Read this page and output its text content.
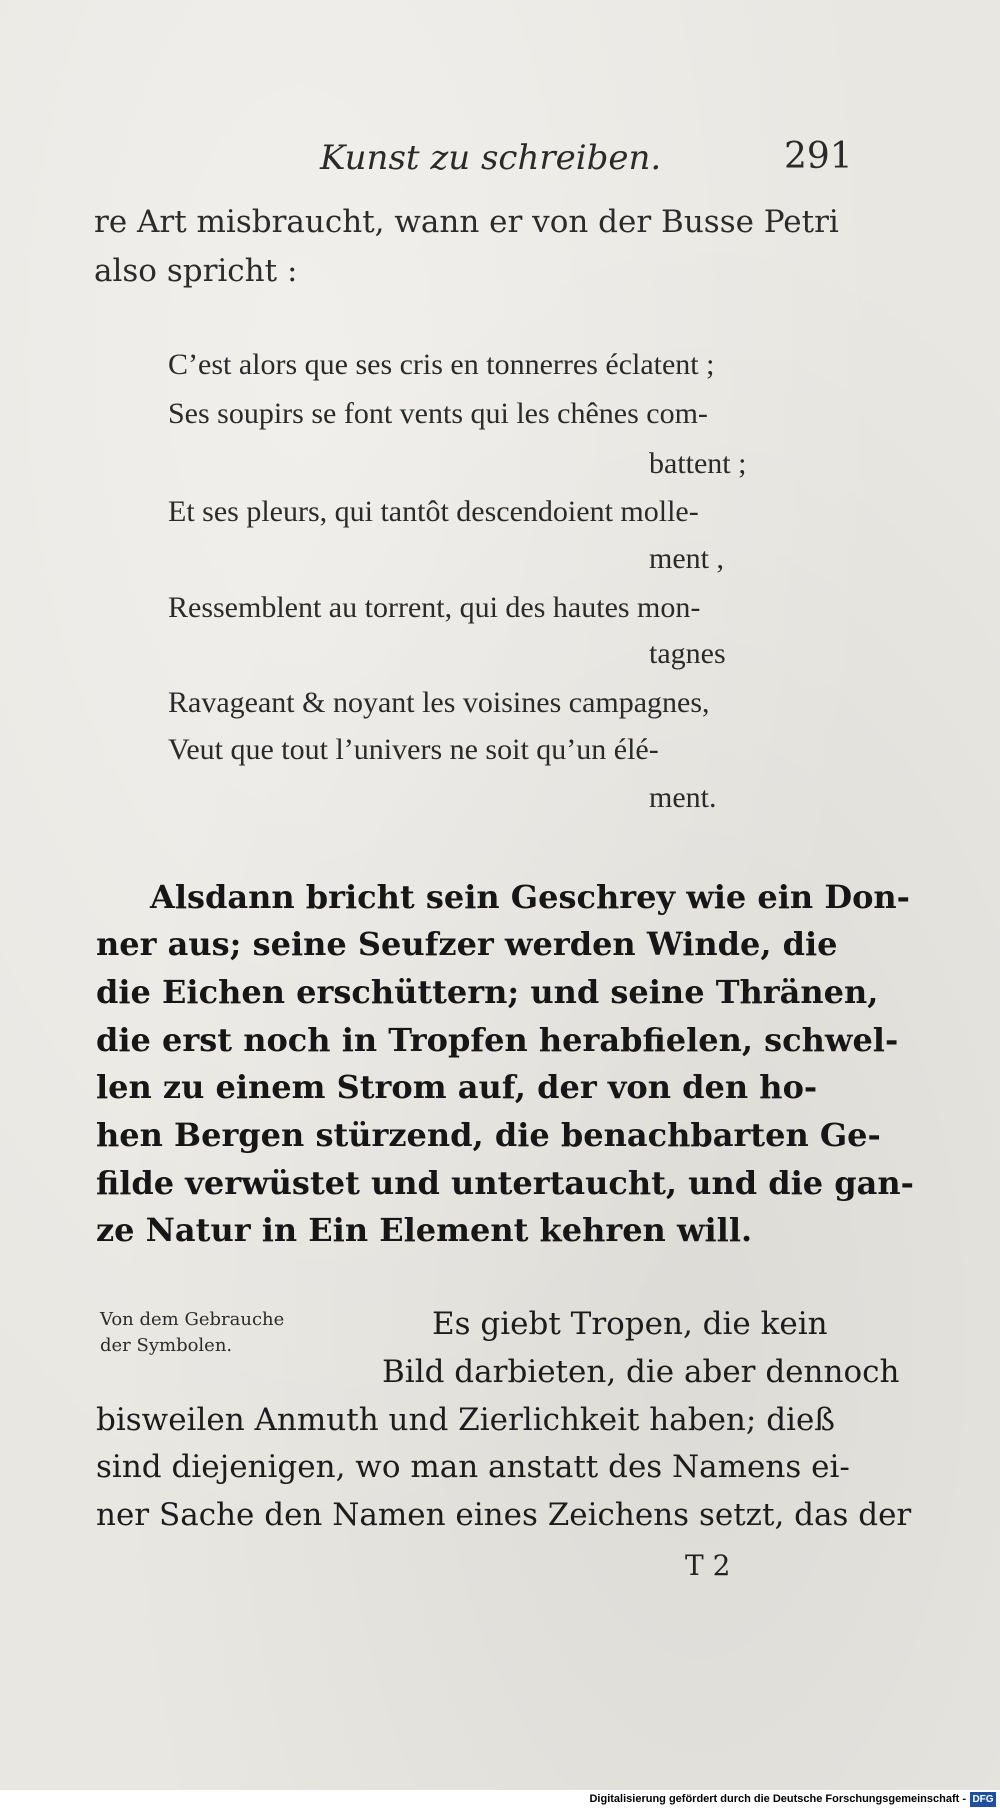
Kunst zu schreiben.	291
re Art misbraucht, wann er von der Busse Petri
also spricht :
C’est alors que ses cris en tonnerres éclatent ;
Ses soupirs se font vents qui les chênes com-
battent ;
Et ses pleurs, qui tantôt descendoient molle-
ment ,
Ressemblent au torrent, qui des hautes mon-
tagnes
Ravageant & noyant les voisines campagnes,
Veut que tout l’univers ne soit qu’un élé-
ment.
Alsdann bricht sein Geschrey wie ein Don-
ner aus; seine Seufzer werden Winde, die
die Eichen erschüttern; und seine Thränen,
die erst noch in Tropfen herabfielen, schwel-
len zu einem Strom auf, der von den ho-
hen Bergen stürzend, die benachbarten Ge-
filde verwüstet und untertaucht, und die gan-
ze Natur in Ein Element kehren will.
Von dem Gebrauche
der Symbolen.
Es giebt Tropen, die kein
Bild darbieten, die aber dennoch
bisweilen Anmuth und Zierlichkeit haben; dieß
sind diejenigen, wo man anstatt des Namens ei-
ner Sache den Namen eines Zeichens setzt, das der
T 2
Digitalisierung gefördert durch die Deutsche Forschungsgemeinschaft - DFG
